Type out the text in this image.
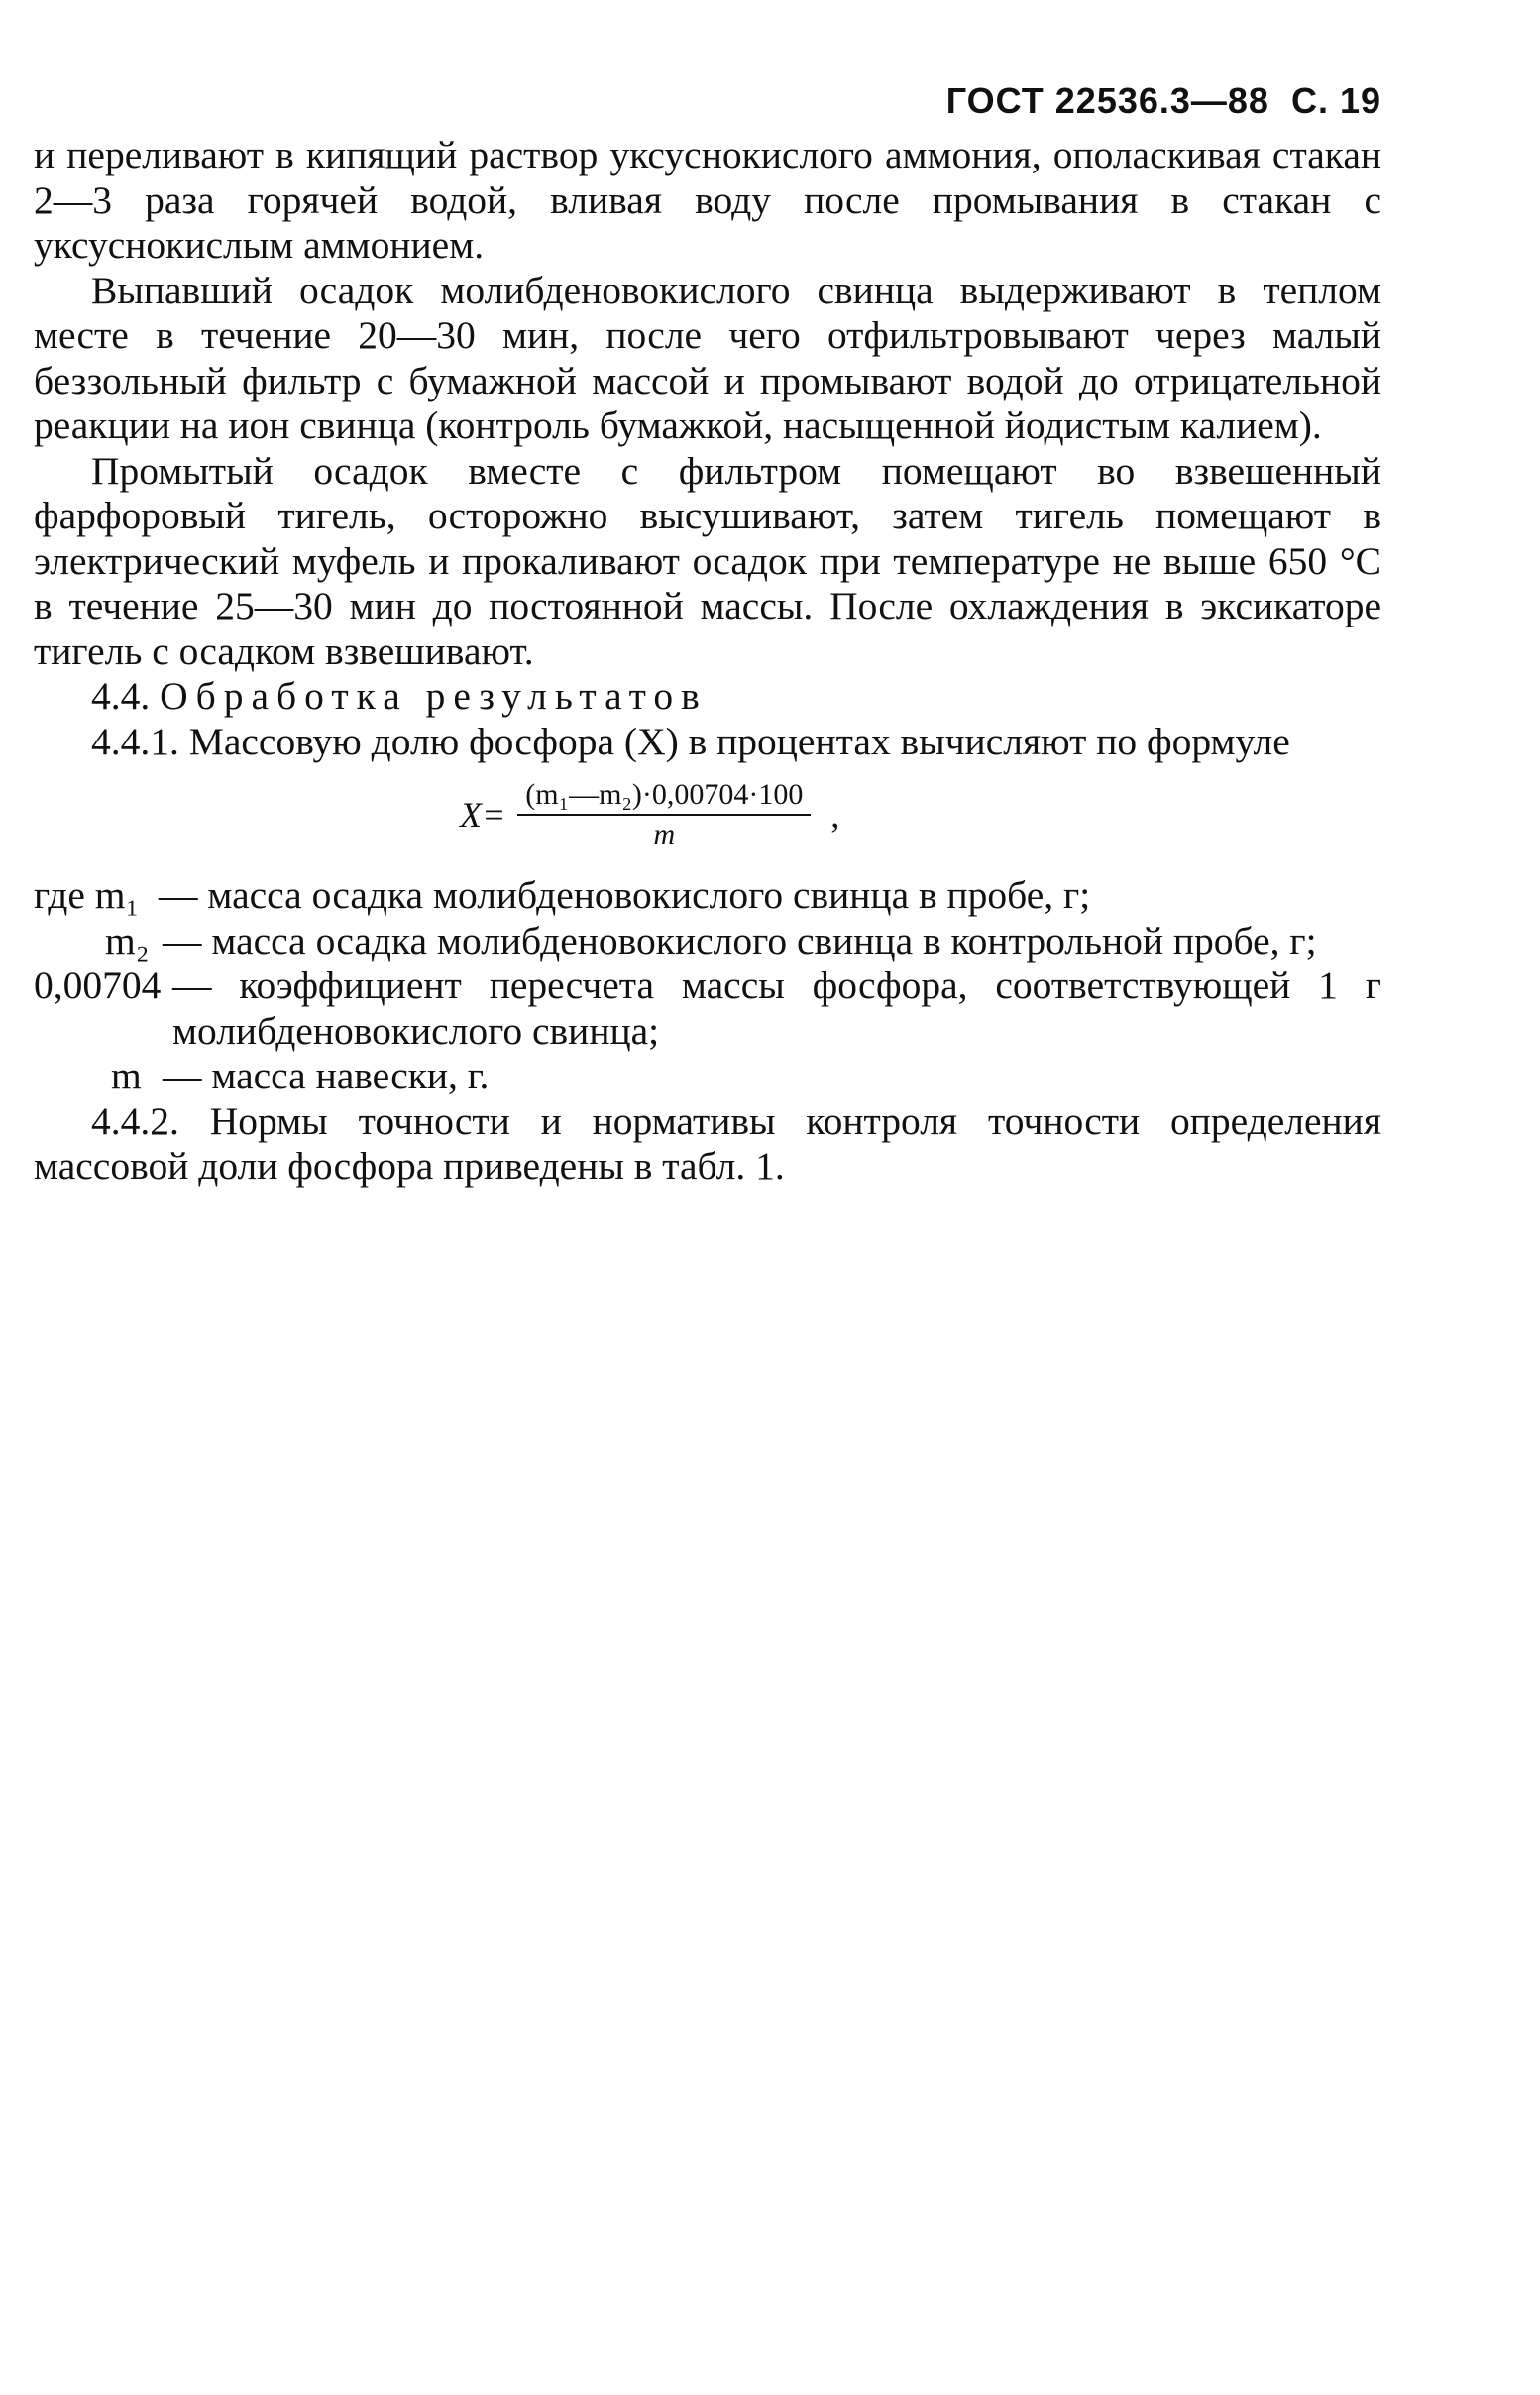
ГОСТ 22536.3—88 С. 19

и переливают в кипящий раствор уксуснокислого аммония, ополаскивая стакан 2—3 раза горячей водой, вливая воду после промывания в стакан с уксуснокислым аммонием.

Выпавший осадок молибденовокислого свинца выдерживают в теплом месте в течение 20—30 мин, после чего отфильтровывают через малый беззольный фильтр с бумажной массой и промывают водой до отрицательной реакции на ион свинца (контроль бумажкой, насыщенной йодистым калием).

Промытый осадок вместе с фильтром помещают во взвешенный фарфоровый тигель, осторожно высушивают, затем тигель помещают в электрический муфель и прокаливают осадок при температуре не выше 650 °С в течение 25—30 мин до постоянной массы. После охлаждения в эксикаторе тигель с осадком взвешивают.

4.4. Обработка результатов

4.4.1. Массовую долю фосфора (X) в процентах вычисляют по формуле

$X= \frac{\text{(m₁—m₂)·0,00704·100}}{m}$ ,
где m₁ — масса осадка молибденовокислого свинца в пробе, г;
m₂ — масса осадка молибденовокислого свинца в контрольной пробе, г;
0,00704 — коэффициент пересчета массы фосфора, соответствующей 1 г молибденовокислого свинца;
m — масса навески, г.

4.4.2. Нормы точности и нормативы контроля точности определения массовой доли фосфора приведены в табл. 1.
